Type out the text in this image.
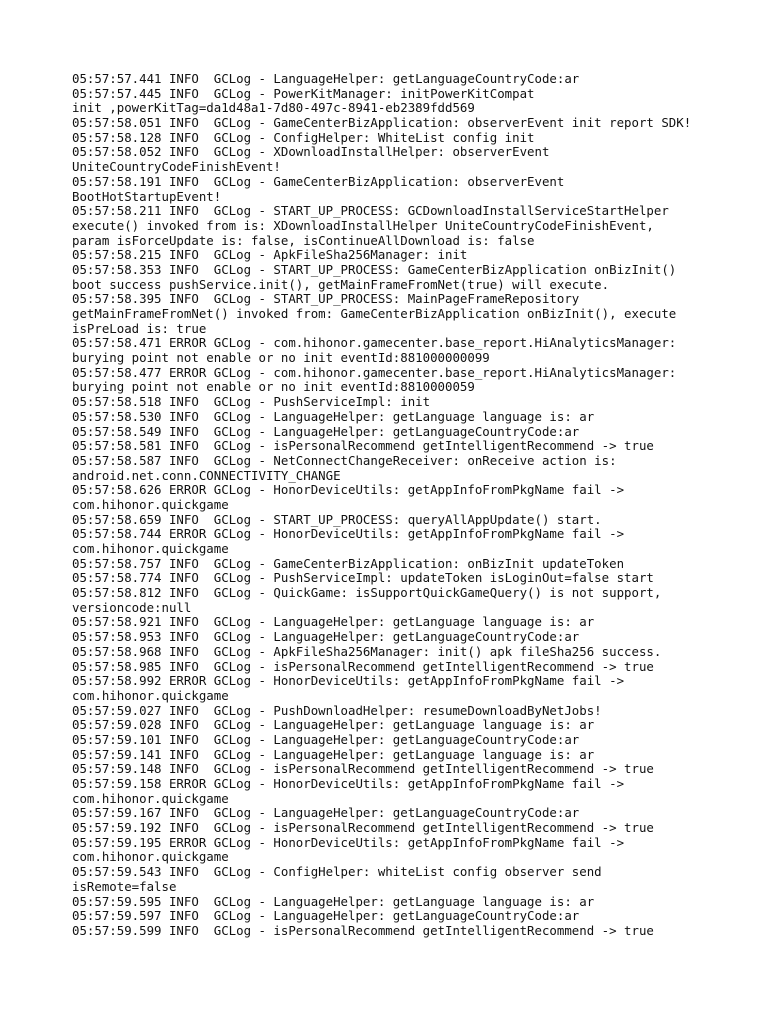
05:57:57.441 INFO  GCLog - LanguageHelper: getLanguageCountryCode:ar
05:57:57.445 INFO  GCLog - PowerKitManager: initPowerKitCompat
init ,powerKitTag=da1d48a1-7d80-497c-8941-eb2389fdd569
05:57:58.051 INFO  GCLog - GameCenterBizApplication: observerEvent init report SDK!
05:57:58.128 INFO  GCLog - ConfigHelper: WhiteList config init
05:57:58.052 INFO  GCLog - XDownloadInstallHelper: observerEvent
UniteCountryCodeFinishEvent!
05:57:58.191 INFO  GCLog - GameCenterBizApplication: observerEvent
BootHotStartupEvent!
05:57:58.211 INFO  GCLog - START_UP_PROCESS: GCDownloadInstallServiceStartHelper
execute() invoked from is: XDownloadInstallHelper UniteCountryCodeFinishEvent,
param isForceUpdate is: false, isContinueAllDownload is: false
05:57:58.215 INFO  GCLog - ApkFileSha256Manager: init
05:57:58.353 INFO  GCLog - START_UP_PROCESS: GameCenterBizApplication onBizInit()
boot success pushService.init(), getMainFrameFromNet(true) will execute.
05:57:58.395 INFO  GCLog - START_UP_PROCESS: MainPageFrameRepository
getMainFrameFromNet() invoked from: GameCenterBizApplication onBizInit(), execute
isPreLoad is: true
05:57:58.471 ERROR GCLog - com.hihonor.gamecenter.base_report.HiAnalyticsManager:
burying point not enable or no init eventId:881000000099
05:57:58.477 ERROR GCLog - com.hihonor.gamecenter.base_report.HiAnalyticsManager:
burying point not enable or no init eventId:8810000059
05:57:58.518 INFO  GCLog - PushServiceImpl: init
05:57:58.530 INFO  GCLog - LanguageHelper: getLanguage language is: ar
05:57:58.549 INFO  GCLog - LanguageHelper: getLanguageCountryCode:ar
05:57:58.581 INFO  GCLog - isPersonalRecommend getIntelligentRecommend -> true
05:57:58.587 INFO  GCLog - NetConnectChangeReceiver: onReceive action is:
android.net.conn.CONNECTIVITY_CHANGE
05:57:58.626 ERROR GCLog - HonorDeviceUtils: getAppInfoFromPkgName fail ->
com.hihonor.quickgame
05:57:58.659 INFO  GCLog - START_UP_PROCESS: queryAllAppUpdate() start.
05:57:58.744 ERROR GCLog - HonorDeviceUtils: getAppInfoFromPkgName fail ->
com.hihonor.quickgame
05:57:58.757 INFO  GCLog - GameCenterBizApplication: onBizInit updateToken
05:57:58.774 INFO  GCLog - PushServiceImpl: updateToken isLoginOut=false start
05:57:58.812 INFO  GCLog - QuickGame: isSupportQuickGameQuery() is not support,
versioncode:null
05:57:58.921 INFO  GCLog - LanguageHelper: getLanguage language is: ar
05:57:58.953 INFO  GCLog - LanguageHelper: getLanguageCountryCode:ar
05:57:58.968 INFO  GCLog - ApkFileSha256Manager: init() apk fileSha256 success.
05:57:58.985 INFO  GCLog - isPersonalRecommend getIntelligentRecommend -> true
05:57:58.992 ERROR GCLog - HonorDeviceUtils: getAppInfoFromPkgName fail ->
com.hihonor.quickgame
05:57:59.027 INFO  GCLog - PushDownloadHelper: resumeDownloadByNetJobs!
05:57:59.028 INFO  GCLog - LanguageHelper: getLanguage language is: ar
05:57:59.101 INFO  GCLog - LanguageHelper: getLanguageCountryCode:ar
05:57:59.141 INFO  GCLog - LanguageHelper: getLanguage language is: ar
05:57:59.148 INFO  GCLog - isPersonalRecommend getIntelligentRecommend -> true
05:57:59.158 ERROR GCLog - HonorDeviceUtils: getAppInfoFromPkgName fail ->
com.hihonor.quickgame
05:57:59.167 INFO  GCLog - LanguageHelper: getLanguageCountryCode:ar
05:57:59.192 INFO  GCLog - isPersonalRecommend getIntelligentRecommend -> true
05:57:59.195 ERROR GCLog - HonorDeviceUtils: getAppInfoFromPkgName fail ->
com.hihonor.quickgame
05:57:59.543 INFO  GCLog - ConfigHelper: whiteList config observer send
isRemote=false
05:57:59.595 INFO  GCLog - LanguageHelper: getLanguage language is: ar
05:57:59.597 INFO  GCLog - LanguageHelper: getLanguageCountryCode:ar
05:57:59.599 INFO  GCLog - isPersonalRecommend getIntelligentRecommend -> true
